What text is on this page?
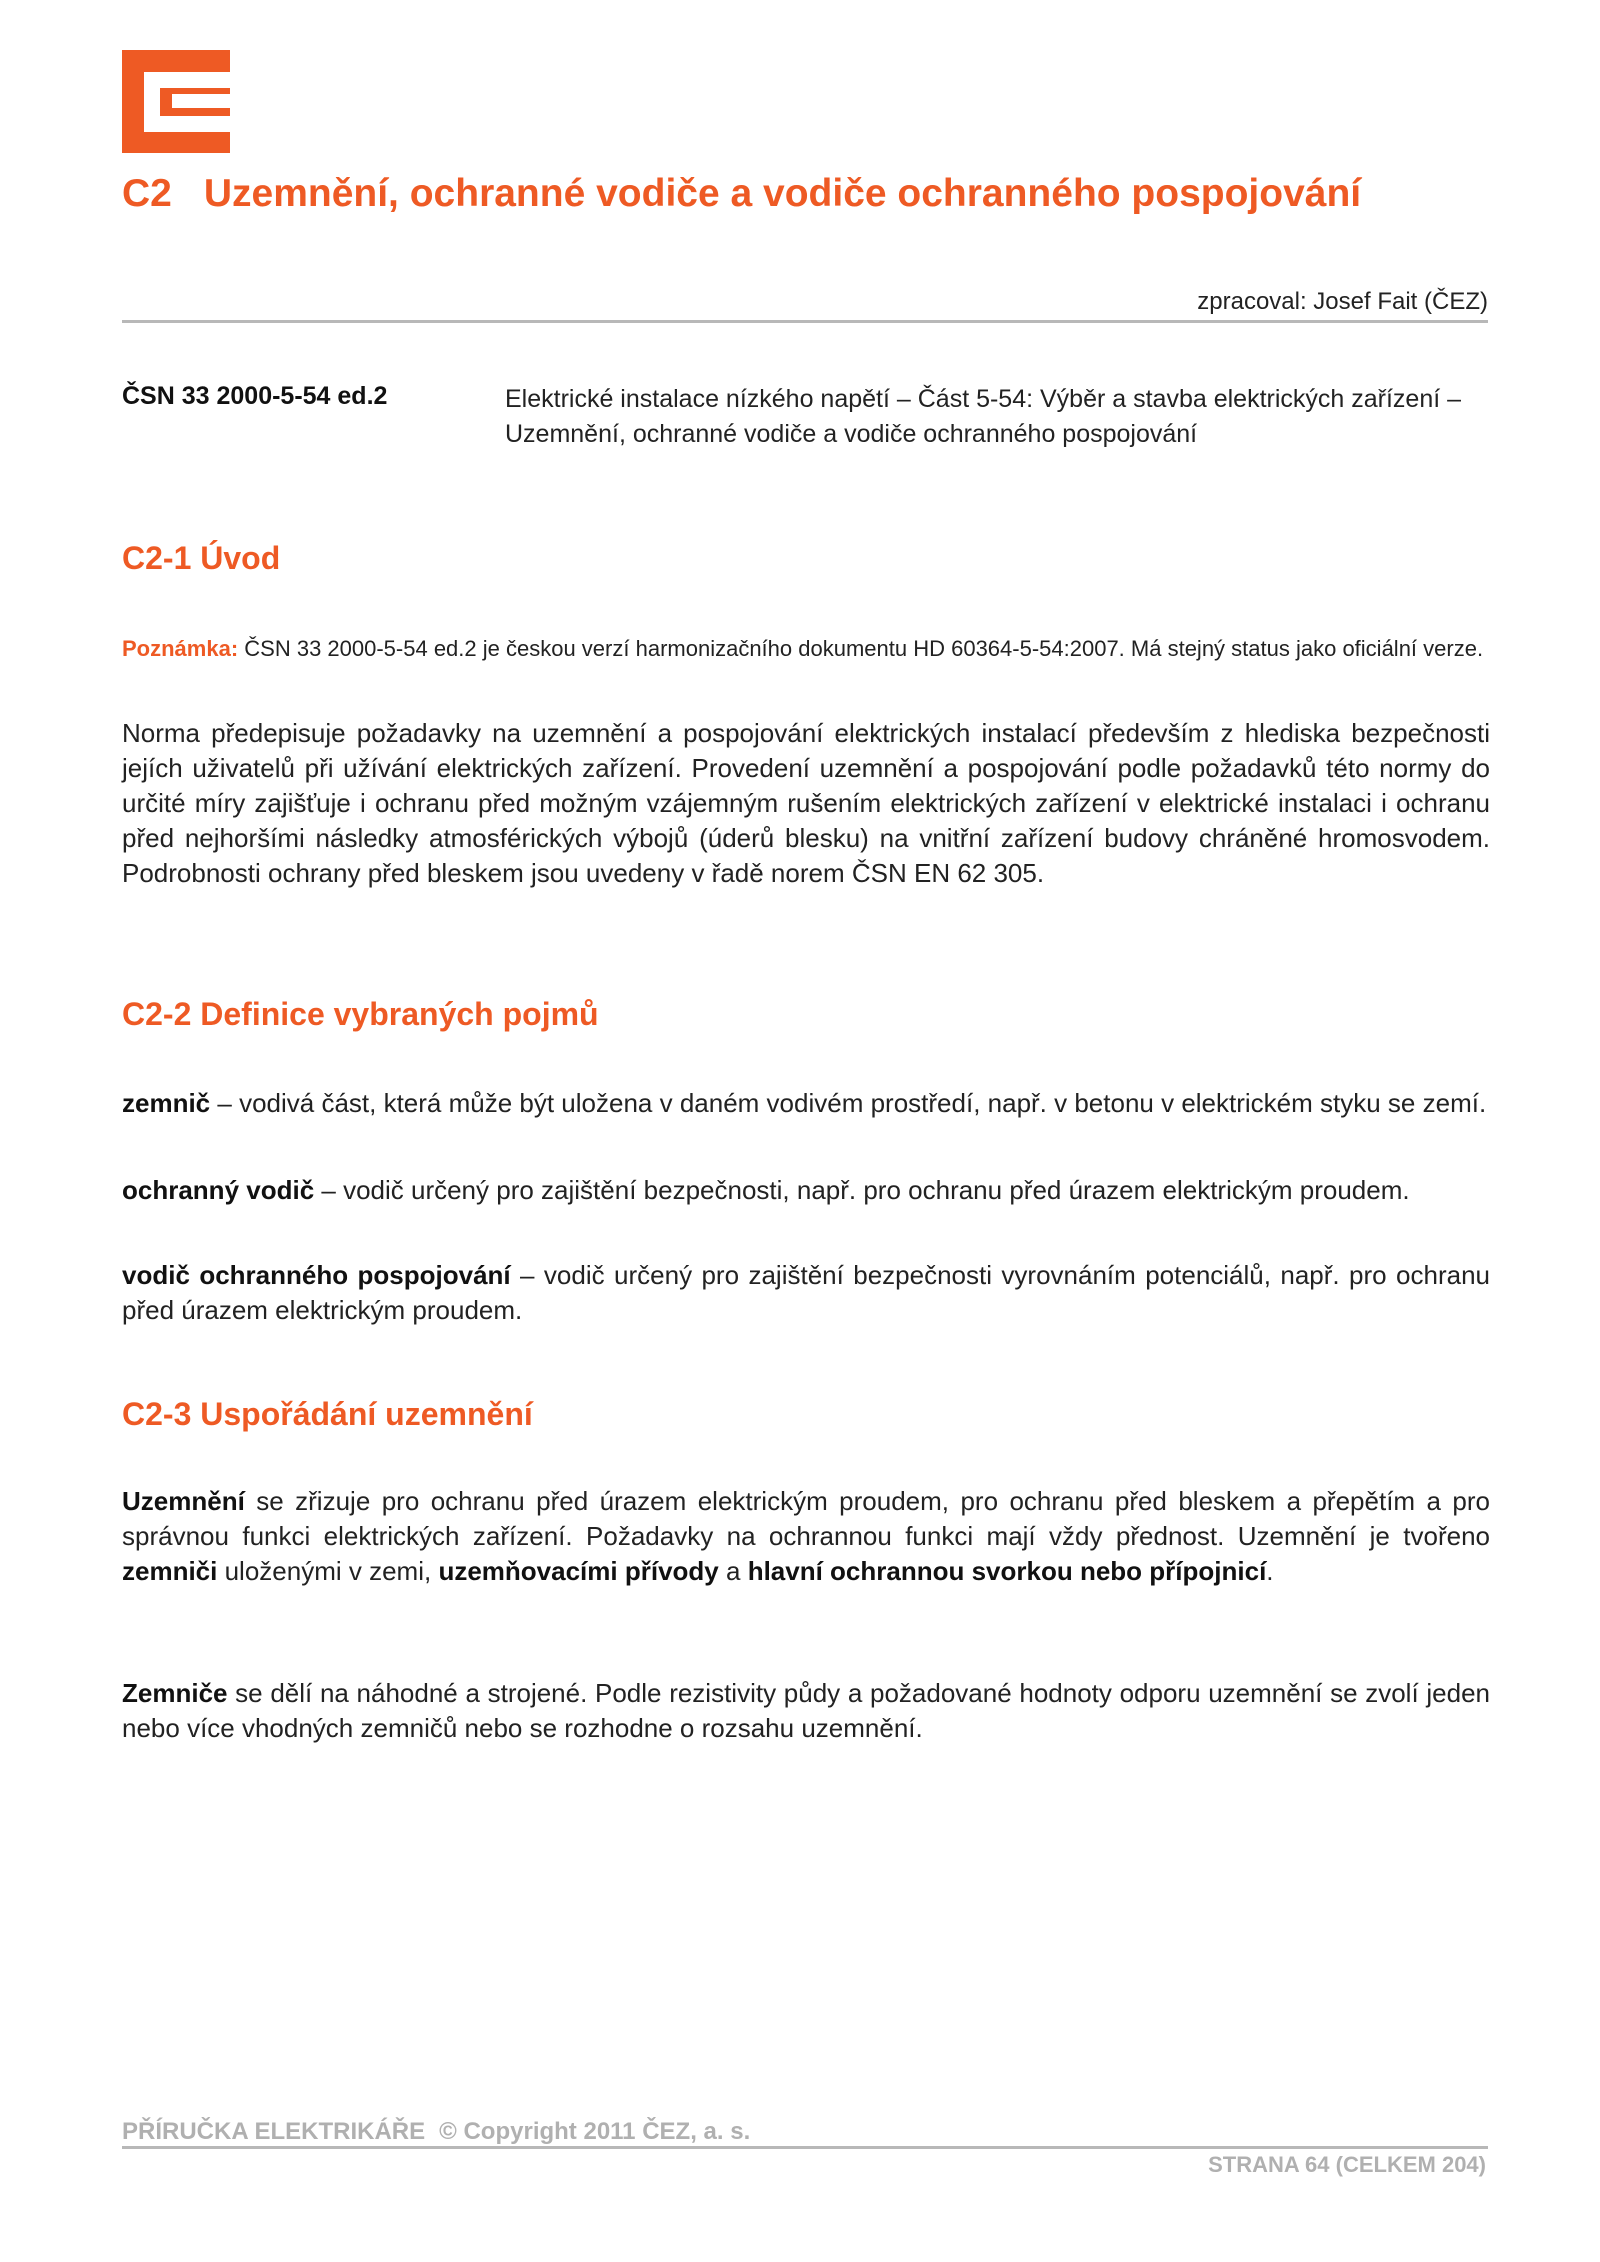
C2 Uzemnění, ochranné vodiče a vodiče ochranného pospojování
zpracoval: Josef Fait (ČEZ)
ČSN 33 2000-5-54 ed.2	Elektrické instalace nízkého napětí – Část 5-54: Výběr a stavba elektrických zařízení – Uzemnění, ochranné vodiče a vodiče ochranného pospojování

C2-1 Úvod

Poznámka: ČSN 33 2000-5-54 ed.2 je českou verzí harmonizačního dokumentu HD 60364-5-54:2007. Má stejný status jako oficiální verze.

Norma předepisuje požadavky na uzemnění a pospojování elektrických instalací především z hlediska bezpečnosti jejích uživatelů při užívání elektrických zařízení. Provedení uzemnění a pospojování podle požadavků této normy do určité míry zajišťuje i ochranu před možným vzájemným rušením elektrických zařízení v elektrické instalaci i ochranu před nejhoršími následky atmosférických výbojů (úderů blesku) na vnitřní zařízení budovy chráněné hromosvodem. Podrobnosti ochrany před bleskem jsou uvedeny v řadě norem ČSN EN 62 305.

C2-2 Definice vybraných pojmů

zemnič – vodivá část, která může být uložena v daném vodivém prostředí, např. v betonu v elektrickém styku se zemí.

ochranný vodič – vodič určený pro zajištění bezpečnosti, např. pro ochranu před úrazem elektrickým proudem.

vodič ochranného pospojování – vodič určený pro zajištění bezpečnosti vyrovnáním potenciálů, např. pro ochranu před úrazem elektrickým proudem.

C2-3 Uspořádání uzemnění

Uzemnění se zřizuje pro ochranu před úrazem elektrickým proudem, pro ochranu před bleskem a přepětím a pro správnou funkci elektrických zařízení. Požadavky na ochrannou funkci mají vždy přednost. Uzemnění je tvořeno zemniči uloženými v zemi, uzemňovacími přívody a hlavní ochrannou svorkou nebo přípojnicí.

Zemniče se dělí na náhodné a strojené. Podle rezistivity půdy a požadované hodnoty odporu uzemnění se zvolí jeden nebo více vhodných zemničů nebo se rozhodne o rozsahu uzemnění.

PŘÍRUČKA ELEKTRIKÁŘE © Copyright 2011 ČEZ, a. s.
STRANA 64 (CELKEM 204)
